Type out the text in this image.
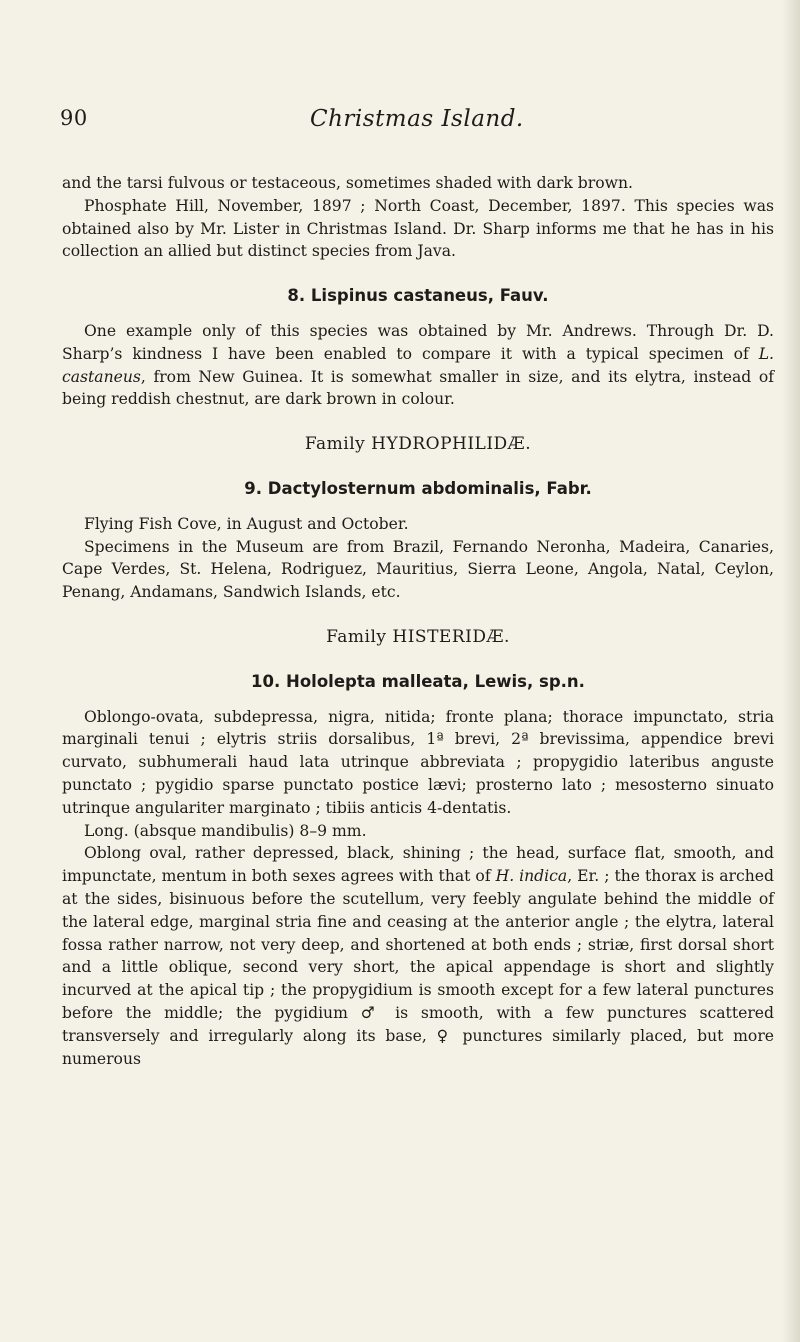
90	Christmas Island.

and the tarsi fulvous or testaceous, sometimes shaded with dark brown.

Phosphate Hill, November, 1897 ; North Coast, December, 1897. This species was obtained also by Mr. Lister in Christmas Island. Dr. Sharp informs me that he has in his collection an allied but distinct species from Java.

8. Lispinus castaneus, Fauv.

One example only of this species was obtained by Mr. Andrews. Through Dr. D. Sharp’s kindness I have been enabled to compare it with a typical specimen of L. castaneus, from New Guinea. It is somewhat smaller in size, and its elytra, instead of being reddish chestnut, are dark brown in colour.

Family HYDROPHILIDÆ.
9. Dactylosternum abdominalis, Fabr.

Flying Fish Cove, in August and October.

Specimens in the Museum are from Brazil, Fernando Neronha, Madeira, Canaries, Cape Verdes, St. Helena, Rodriguez, Mauritius, Sierra Leone, Angola, Natal, Ceylon, Penang, Andamans, Sandwich Islands, etc.

Family HISTERIDÆ.
10. Hololepta malleata, Lewis, sp.n.

Oblongo-ovata, subdepressa, nigra, nitida; fronte plana; thorace impunctato, stria marginali tenui ; elytris striis dorsalibus, 1ª brevi, 2ª brevissima, appendice brevi curvato, subhumerali haud lata utrinque abbreviata ; propygidio lateribus anguste punctato ; pygidio sparse punctato postice lævi; prosterno lato ; mesosterno sinuato utrinque angulariter marginato ; tibiis anticis 4-dentatis.

Long. (absque mandibulis) 8–9 mm.

Oblong oval, rather depressed, black, shining ; the head, surface flat, smooth, and impunctate, mentum in both sexes agrees with that of H. indica, Er. ; the thorax is arched at the sides, bisinuous before the scutellum, very feebly angulate behind the middle of the lateral edge, marginal stria fine and ceasing at the anterior angle ; the elytra, lateral fossa rather narrow, not very deep, and shortened at both ends ; striæ, first dorsal short and a little oblique, second very short, the apical appendage is short and slightly incurved at the apical tip ; the propygidium is smooth except for a few lateral punctures before the middle; the pygidium ♂ is smooth, with a few punctures scattered transversely and irregularly along its base, ♀ punctures similarly placed, but more numerous
